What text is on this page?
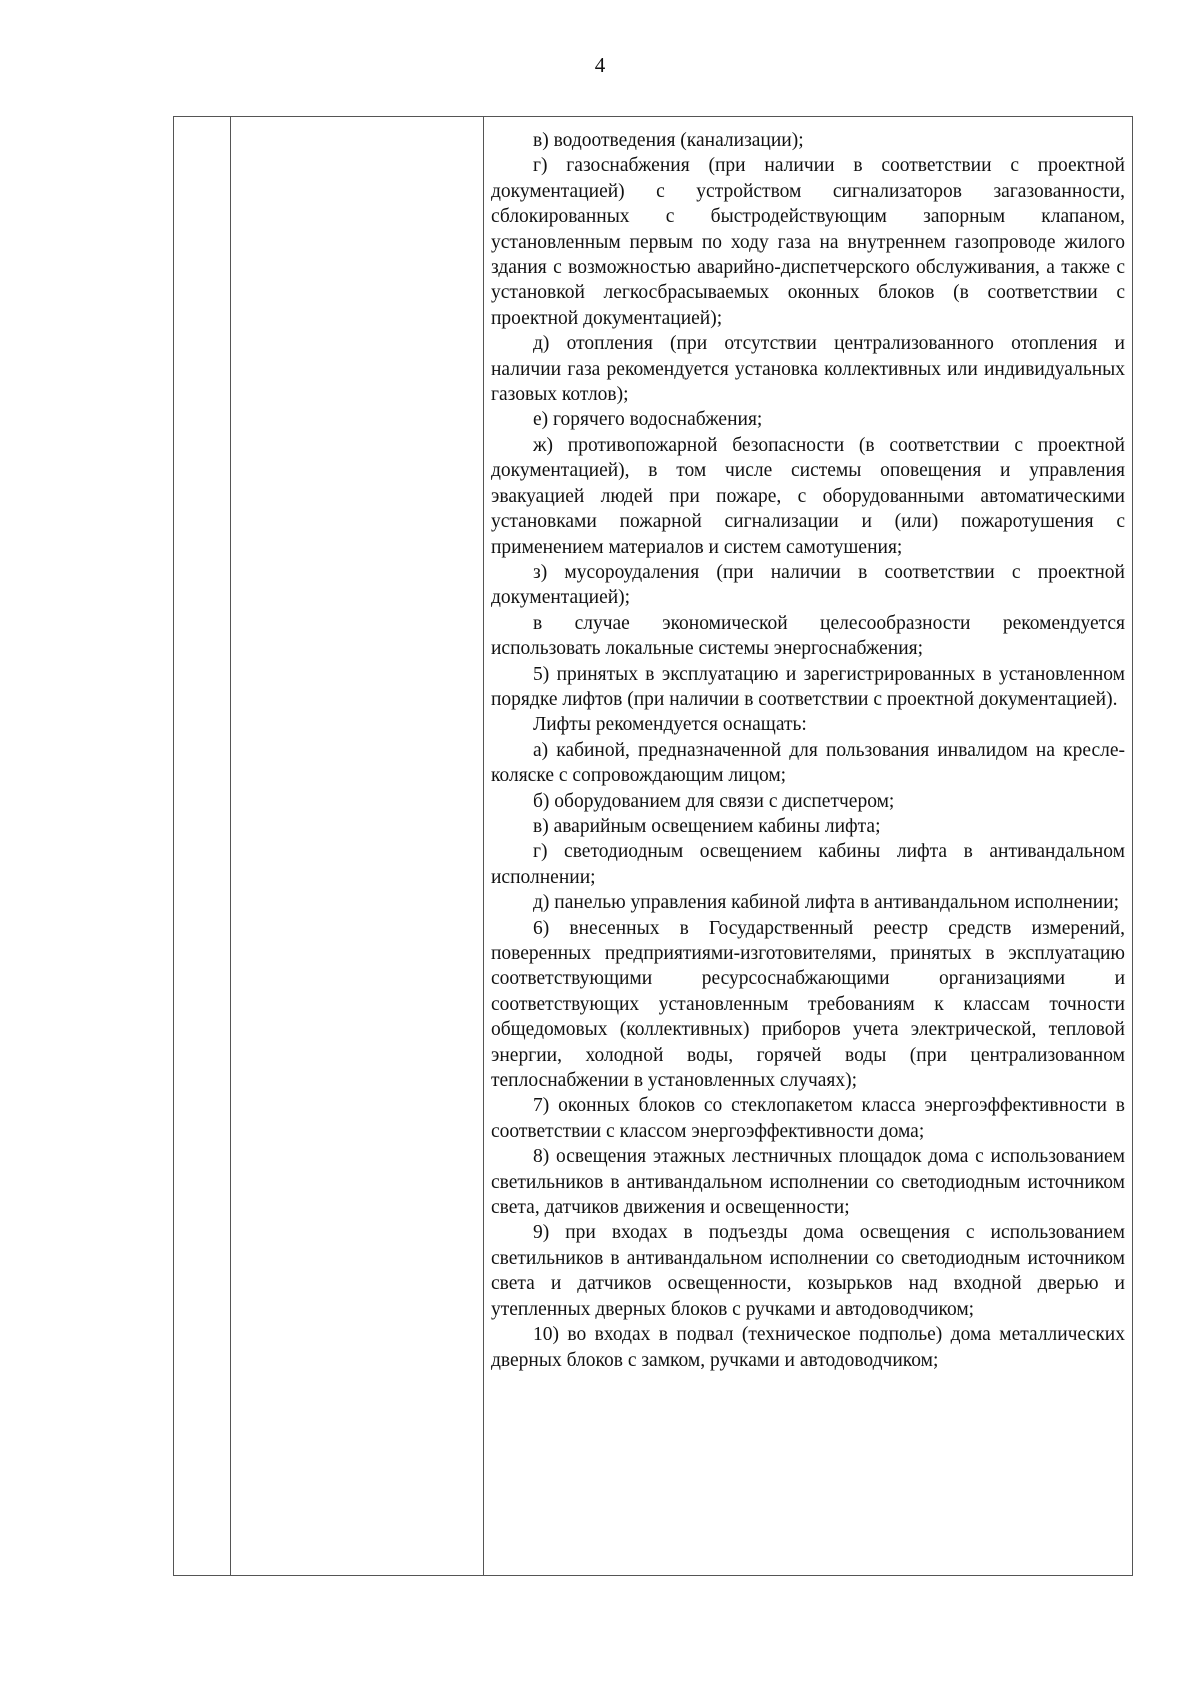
4

в) водоотведения (канализации);

г) газоснабжения (при наличии в соответствии с проектной документацией) с устройством сигнализаторов загазованности, сблокированных с быстродействующим запорным клапаном, установленным первым по ходу газа на внутреннем газопроводе жилого здания с возможностью аварийно-диспетчерского обслуживания, а также с установкой легкосбрасываемых оконных блоков (в соответствии с проектной документацией);

д) отопления (при отсутствии централизованного отопления и наличии газа рекомендуется установка коллективных или индивидуальных газовых котлов);

е) горячего водоснабжения;

ж) противопожарной безопасности (в соответствии с проектной документацией), в том числе системы оповещения и управления эвакуацией людей при пожаре, с оборудованными автоматическими установками пожарной сигнализации и (или) пожаротушения с применением материалов и систем самотушения;

з) мусороудаления (при наличии в соответствии с проектной документацией);

в случае экономической целесообразности рекомендуется использовать локальные системы энергоснабжения;

5) принятых в эксплуатацию и зарегистрированных в установленном порядке лифтов (при наличии в соответствии с проектной документацией).

Лифты рекомендуется оснащать:

а) кабиной, предназначенной для пользования инвалидом на кресле-коляске с сопровождающим лицом;

б) оборудованием для связи с диспетчером;

в) аварийным освещением кабины лифта;

г) светодиодным освещением кабины лифта в антивандальном исполнении;

д) панелью управления кабиной лифта в антивандальном исполнении;

6) внесенных в Государственный реестр средств измерений, поверенных предприятиями-изготовителями, принятых в эксплуатацию соответствующими ресурсоснабжающими организациями и соответствующих установленным требованиям к классам точности общедомовых (коллективных) приборов учета электрической, тепловой энергии, холодной воды, горячей воды (при централизованном теплоснабжении в установленных случаях);

7) оконных блоков со стеклопакетом класса энергоэффективности в соответствии с классом энергоэффективности дома;

8) освещения этажных лестничных площадок дома с использованием светильников в антивандальном исполнении со светодиодным источником света, датчиков движения и освещенности;

9) при входах в подъезды дома освещения с использованием светильников в антивандальном исполнении со светодиодным источником света и датчиков освещенности, козырьков над входной дверью и утепленных дверных блоков с ручками и автодоводчиком;

10) во входах в подвал (техническое подполье) дома металлических дверных блоков с замком, ручками и автодоводчиком;
